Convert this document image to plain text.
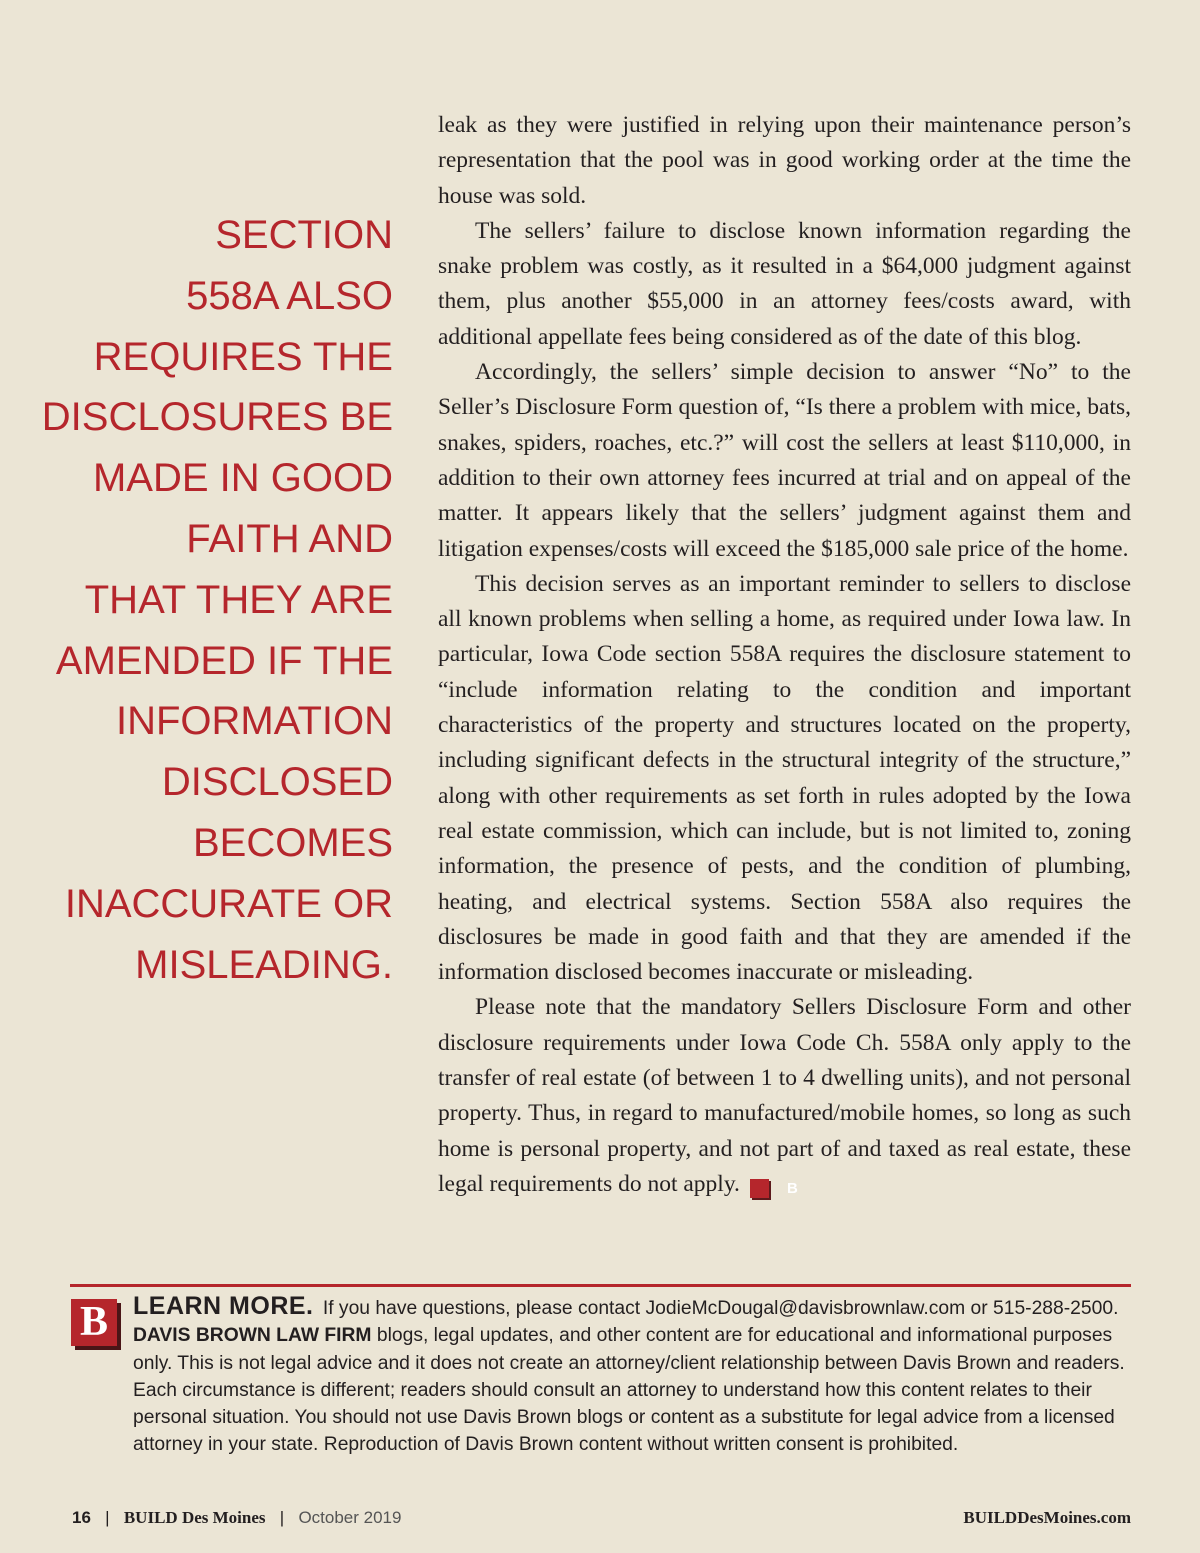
SECTION
558A ALSO
REQUIRES THE
DISCLOSURES BE
MADE IN GOOD
FAITH AND
THAT THEY ARE
AMENDED IF THE
INFORMATION
DISCLOSED
BECOMES
INACCURATE OR
MISLEADING.

leak as they were justified in relying upon their maintenance person’s representation that the pool was in good working order at the time the house was sold.

The sellers’ failure to disclose known information regarding the snake problem was costly, as it resulted in a $64,000 judgment against them, plus another $55,000 in an attorney fees/costs award, with additional appellate fees being considered as of the date of this blog.

Accordingly, the sellers’ simple decision to answer “No” to the Seller’s Disclosure Form question of, “Is there a problem with mice, bats, snakes, spiders, roaches, etc.?” will cost the sellers at least $110,000, in addition to their own attorney fees incurred at trial and on appeal of the matter. It appears likely that the sellers’ judgment against them and litigation expenses/costs will exceed the $185,000 sale price of the home.

This decision serves as an important reminder to sellers to disclose all known problems when selling a home, as required under Iowa law. In particular, Iowa Code section 558A requires the disclosure statement to “include information relating to the condition and important characteristics of the property and structures located on the property, including significant defects in the structural integrity of the structure,” along with other requirements as set forth in rules adopted by the Iowa real estate commission, which can include, but is not limited to, zoning information, the presence of pests, and the condition of plumbing, heating, and electrical systems. Section 558A also requires the disclosures be made in good faith and that they are amended if the information disclosed becomes inaccurate or misleading.

Please note that the mandatory Sellers Disclosure Form and other disclosure requirements under Iowa Code Ch. 558A only apply to the transfer of real estate (of between 1 to 4 dwelling units), and not personal property. Thus, in regard to manufactured/mobile homes, so long as such home is personal property, and not part of and taxed as real estate, these legal requirements do not apply.	B

B	LEARN MORE. If you have questions, please contact JodieMcDougal@davisbrownlaw.com or 515-288-2500.
DAVIS BROWN LAW FIRM blogs, legal updates, and other content are for educational and informational purposes only. This is not legal advice and it does not create an attorney/client relationship between Davis Brown and readers. Each circumstance is different; readers should consult an attorney to understand how this content relates to their personal situation. You should not use Davis Brown blogs or content as a substitute for legal advice from a licensed attorney in your state. Reproduction of Davis Brown content without written consent is prohibited.
16 | BUILD Des Moines | October 2019	BUILDDesMoines.com
